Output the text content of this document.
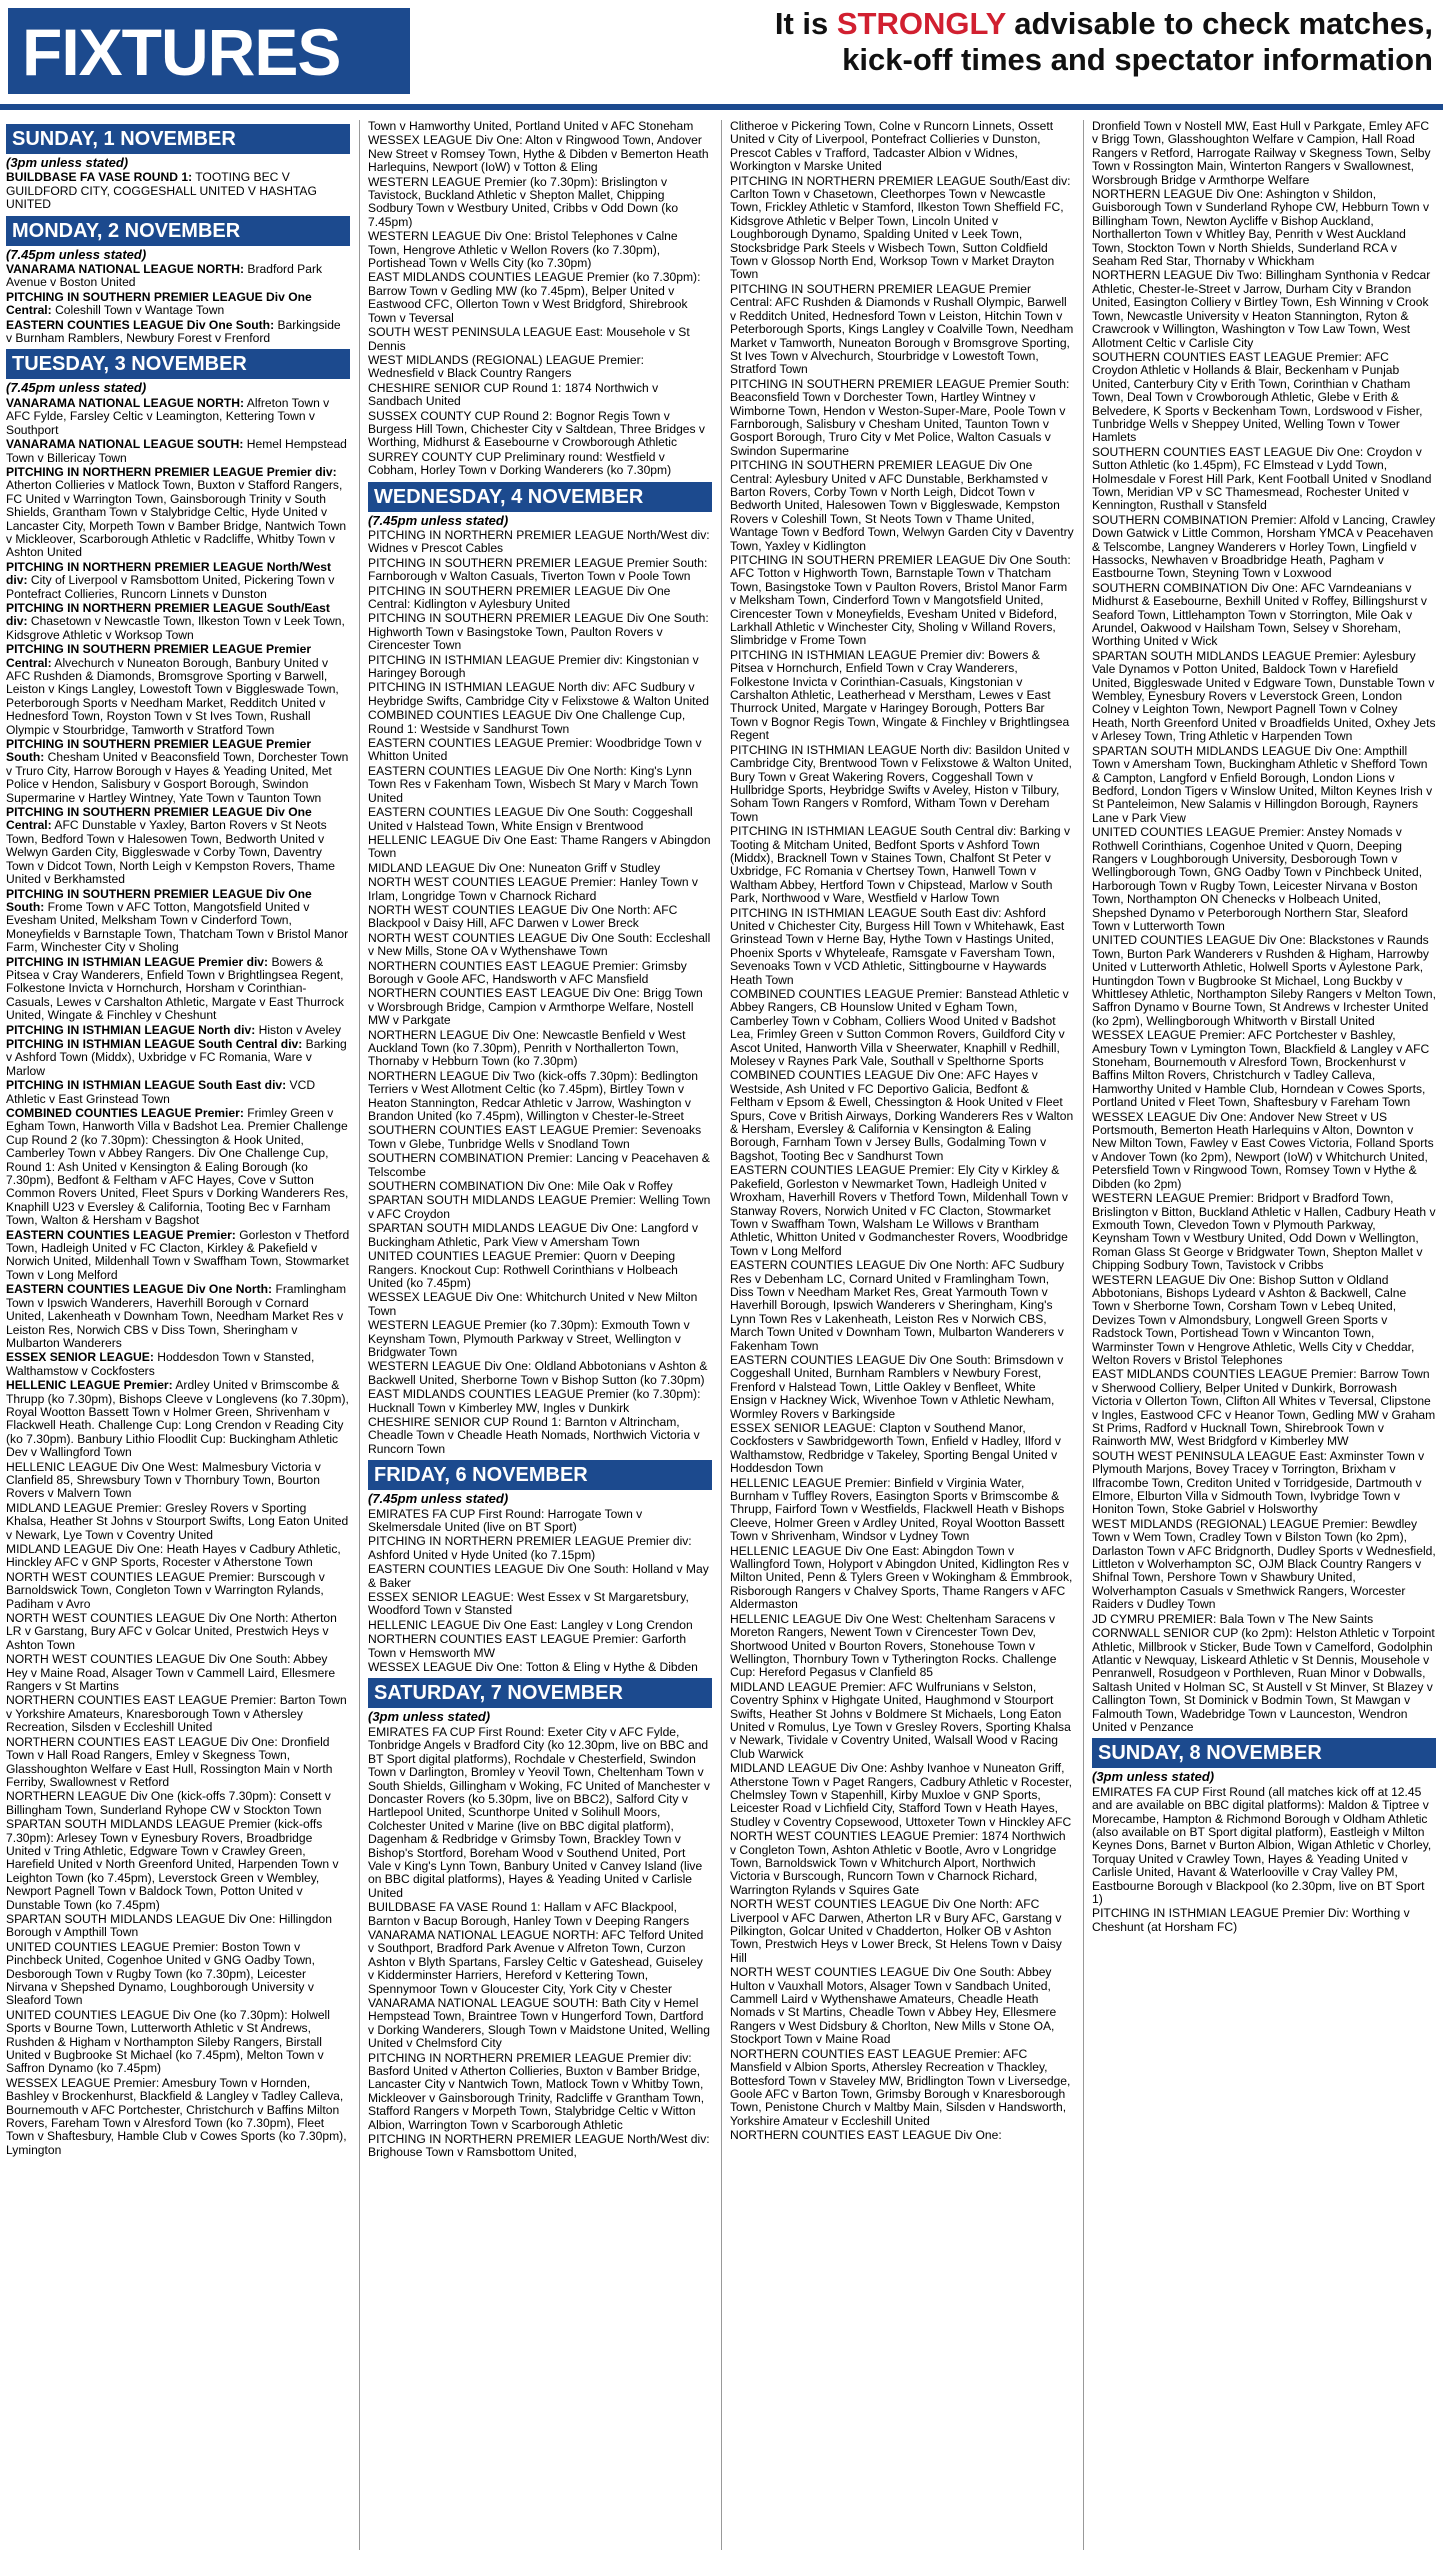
FIXTURES	It is STRONGLY advisable to check matches,
kick-off times and spectator information
SUNDAY, 1 NOVEMBER
(3pm unless stated)
BUILDBASE FA VASE ROUND 1: TOOTING BEC V GUILDFORD CITY, COGGESHALL UNITED V HASHTAG UNITED
MONDAY, 2 NOVEMBER
(7.45pm unless stated)
VANARAMA NATIONAL LEAGUE NORTH: Bradford Park Avenue v Boston United
PITCHING IN SOUTHERN PREMIER LEAGUE Div One Central: Coleshill Town v Wantage Town
EASTERN COUNTIES LEAGUE Div One South: Barkingside v Burnham Ramblers, Newbury Forest v Frenford
TUESDAY, 3 NOVEMBER
(7.45pm unless stated)
VANARAMA NATIONAL LEAGUE NORTH: Alfreton Town v AFC Fylde, Farsley Celtic v Leamington, Kettering Town v Southport
VANARAMA NATIONAL LEAGUE SOUTH: Hemel Hempstead Town v Billericay Town
PITCHING IN NORTHERN PREMIER LEAGUE Premier div: Atherton Collieries v Matlock Town, Buxton v Stafford Rangers, FC United v Warrington Town, Gainsborough Trinity v South Shields, Grantham Town v Stalybridge Celtic, Hyde United v Lancaster City, Morpeth Town v Bamber Bridge, Nantwich Town v Mickleover, Scarborough Athletic v Radcliffe, Whitby Town v Ashton United
PITCHING IN NORTHERN PREMIER LEAGUE North/West div: City of Liverpool v Ramsbottom United, Pickering Town v Pontefract Collieries, Runcorn Linnets v Dunston
PITCHING IN NORTHERN PREMIER LEAGUE South/East div: Chasetown v Newcastle Town, Ilkeston Town v Leek Town, Kidsgrove Athletic v Worksop Town
PITCHING IN SOUTHERN PREMIER LEAGUE Premier Central: Alvechurch v Nuneaton Borough, Banbury United v AFC Rushden & Diamonds, Bromsgrove Sporting v Barwell, Leiston v Kings Langley, Lowestoft Town v Biggleswade Town, Peterborough Sports v Needham Market, Redditch United v Hednesford Town, Royston Town v St Ives Town, Rushall Olympic v Stourbridge, Tamworth v Stratford Town
PITCHING IN SOUTHERN PREMIER LEAGUE Premier South: Chesham United v Beaconsfield Town, Dorchester Town v Truro City, Harrow Borough v Hayes & Yeading United, Met Police v Hendon, Salisbury v Gosport Borough, Swindon Supermarine v Hartley Wintney, Yate Town v Taunton Town
PITCHING IN SOUTHERN PREMIER LEAGUE Div One Central: AFC Dunstable v Yaxley, Barton Rovers v St Neots Town, Bedford Town v Halesowen Town, Bedworth United v Welwyn Garden City, Biggleswade v Corby Town, Daventry Town v Didcot Town, North Leigh v Kempston Rovers, Thame United v Berkhamsted
PITCHING IN SOUTHERN PREMIER LEAGUE Div One South: Frome Town v AFC Totton, Mangotsfield United v Evesham United, Melksham Town v Cinderford Town, Moneyfields v Barnstaple Town, Thatcham Town v Bristol Manor Farm, Winchester City v Sholing
PITCHING IN ISTHMIAN LEAGUE Premier div: Bowers & Pitsea v Cray Wanderers, Enfield Town v Brightlingsea Regent, Folkestone Invicta v Hornchurch, Horsham v Corinthian-Casuals, Lewes v Carshalton Athletic, Margate v East Thurrock United, Wingate & Finchley v Cheshunt
PITCHING IN ISTHMIAN LEAGUE North div: Histon v Aveley
PITCHING IN ISTHMIAN LEAGUE South Central div: Barking v Ashford Town (Middx), Uxbridge v FC Romania, Ware v Marlow
PITCHING IN ISTHMIAN LEAGUE South East div: VCD Athletic v East Grinstead Town
COMBINED COUNTIES LEAGUE Premier: Frimley Green v Egham Town, Hanworth Villa v Badshot Lea. Premier Challenge Cup Round 2 (ko 7.30pm): Chessington & Hook United, Camberley Town v Abbey Rangers. Div One Challenge Cup, Round 1: Ash United v Kensington & Ealing Borough (ko 7.30pm), Bedfont & Feltham v AFC Hayes, Cove v Sutton Common Rovers United, Fleet Spurs v Dorking Wanderers Res, Knaphill U23 v Eversley & California, Tooting Bec v Farnham Town, Walton & Hersham v Bagshot
EASTERN COUNTIES LEAGUE Premier: Gorleston v Thetford Town, Hadleigh United v FC Clacton, Kirkley & Pakefield v Norwich United, Mildenhall Town v Swaffham Town, Stowmarket Town v Long Melford
EASTERN COUNTIES LEAGUE Div One North: Framlingham Town v Ipswich Wanderers, Haverhill Borough v Cornard United, Lakenheath v Downham Town, Needham Market Res v Leiston Res, Norwich CBS v Diss Town, Sheringham v Mulbarton Wanderers
ESSEX SENIOR LEAGUE: Hoddesdon Town v Stansted, Walthamstow v Cockfosters
HELLENIC LEAGUE Premier: Ardley United v Brimscombe & Thrupp (ko 7.30pm), Bishops Cleeve v Longlevens (ko 7.30pm), Royal Wootton Bassett Town v Holmer Green, Shrivenham v Flackwell Heath. Challenge Cup: Long Crendon v Reading City (ko 7.30pm). Banbury Lithio Floodlit Cup: Buckingham Athletic Dev v Wallingford Town
HELLENIC LEAGUE Div One West: Malmesbury Victoria v Clanfield 85, Shrewsbury Town v Thornbury Town, Bourton Rovers v Malvern Town
MIDLAND LEAGUE Premier: Gresley Rovers v Sporting Khalsa, Heather St Johns v Stourport Swifts, Long Eaton United v Newark, Lye Town v Coventry United
MIDLAND LEAGUE Div One: Heath Hayes v Cadbury Athletic, Hinckley AFC v GNP Sports, Rocester v Atherstone Town
NORTH WEST COUNTIES LEAGUE Premier: Burscough v Barnoldswick Town, Congleton Town v Warrington Rylands, Padiham v Avro
NORTH WEST COUNTIES LEAGUE Div One North: Atherton LR v Garstang, Bury AFC v Golcar United, Prestwich Heys v Ashton Town
NORTH WEST COUNTIES LEAGUE Div One South: Abbey Hey v Maine Road, Alsager Town v Cammell Laird, Ellesmere Rangers v St Martins
NORTHERN COUNTIES EAST LEAGUE Premier: Barton Town v Yorkshire Amateurs, Knaresborough Town v Athersley Recreation, Silsden v Eccleshill United
NORTHERN COUNTIES EAST LEAGUE Div One: Dronfield Town v Hall Road Rangers, Emley v Skegness Town, Glasshoughton Welfare v East Hull, Rossington Main v North Ferriby, Swallownest v Retford
NORTHERN LEAGUE Div One (kick-offs 7.30pm): Consett v Billingham Town, Sunderland Ryhope CW v Stockton Town
SPARTAN SOUTH MIDLANDS LEAGUE Premier (kick-offs 7.30pm): Arlesey Town v Eynesbury Rovers, Broadbridge United v Tring Athletic, Edgware Town v Crawley Green, Harefield United v North Greenford United, Harpenden Town v Leighton Town (ko 7.45pm), Leverstock Green v Wembley, Newport Pagnell Town v Baldock Town, Potton United v Dunstable Town (ko 7.45pm)
SPARTAN SOUTH MIDLANDS LEAGUE Div One: Hillingdon Borough v Ampthill Town
UNITED COUNTIES LEAGUE Premier: Boston Town v Pinchbeck United, Cogenhoe United v GNG Oadby Town, Desborough Town v Rugby Town (ko 7.30pm), Leicester Nirvana v Shepshed Dynamo, Loughborough University v Sleaford Town
UNITED COUNTIES LEAGUE Div One (ko 7.30pm): Holwell Sports v Bourne Town, Lutterworth Athletic v St Andrews, Rushden & Higham v Northampton Sileby Rangers, Birstall United v Bugbrooke St Michael (ko 7.45pm), Melton Town v Saffron Dynamo (ko 7.45pm)
WESSEX LEAGUE Premier: Amesbury Town v Hornden, Bashley v Brockenhurst, Blackfield & Langley v Tadley Calleva, Bournemouth v AFC Portchester, Christchurch v Baffins Milton Rovers, Fareham Town v Alresford Town (ko 7.30pm), Fleet Town v Shaftesbury, Hamble Club v Cowes Sports (ko 7.30pm), Lymington
Town v Hamworthy United, Portland United v AFC Stoneham
WESSEX LEAGUE Div One: Alton v Ringwood Town, Andover New Street v Romsey Town, Hythe & Dibden v Bemerton Heath Harlequins, Newport (IoW) v Totton & Eling
WESTERN LEAGUE Premier (ko 7.30pm): Brislington v Tavistock, Buckland Athletic v Shepton Mallet, Chipping Sodbury Town v Westbury United, Cribbs v Odd Down (ko 7.45pm)
WESTERN LEAGUE Div One: Bristol Telephones v Calne Town, Hengrove Athletic v Wellon Rovers (ko 7.30pm), Portishead Town v Wells City (ko 7.30pm)
EAST MIDLANDS COUNTIES LEAGUE Premier (ko 7.30pm): Barrow Town v Gedling MW (ko 7.45pm), Belper United v Eastwood CFC, Ollerton Town v West Bridgford, Shirebrook Town v Teversal
SOUTH WEST PENINSULA LEAGUE East: Mousehole v St Dennis
WEST MIDLANDS (REGIONAL) LEAGUE Premier: Wednesfield v Black Country Rangers
CHESHIRE SENIOR CUP Round 1: 1874 Northwich v Sandbach United
SUSSEX COUNTY CUP Round 2: Bognor Regis Town v Burgess Hill Town, Chichester City v Saltdean, Three Bridges v Worthing, Midhurst & Easebourne v Crowborough Athletic
SURREY COUNTY CUP Preliminary round: Westfield v Cobham, Horley Town v Dorking Wanderers (ko 7.30pm)
WEDNESDAY, 4 NOVEMBER
(7.45pm unless stated)
PITCHING IN NORTHERN PREMIER LEAGUE North/West div: Widnes v Prescot Cables
PITCHING IN SOUTHERN PREMIER LEAGUE Premier South: Farnborough v Walton Casuals, Tiverton Town v Poole Town
PITCHING IN SOUTHERN PREMIER LEAGUE Div One Central: Kidlington v Aylesbury United
PITCHING IN SOUTHERN PREMIER LEAGUE Div One South: Highworth Town v Basingstoke Town, Paulton Rovers v Cirencester Town
PITCHING IN ISTHMIAN LEAGUE Premier div: Kingstonian v Haringey Borough
PITCHING IN ISTHMIAN LEAGUE North div: AFC Sudbury v Heybridge Swifts, Cambridge City v Felixstowe & Walton United
COMBINED COUNTIES LEAGUE Div One Challenge Cup, Round 1: Westside v Sandhurst Town
EASTERN COUNTIES LEAGUE Premier: Woodbridge Town v Whitton United
EASTERN COUNTIES LEAGUE Div One North: King's Lynn Town Res v Fakenham Town, Wisbech St Mary v March Town United
EASTERN COUNTIES LEAGUE Div One South: Coggeshall United v Halstead Town, White Ensign v Brentwood
HELLENIC LEAGUE Div One East: Thame Rangers v Abingdon Town
MIDLAND LEAGUE Div One: Nuneaton Griff v Studley
NORTH WEST COUNTIES LEAGUE Premier: Hanley Town v Irlam, Longridge Town v Charnock Richard
NORTH WEST COUNTIES LEAGUE Div One North: AFC Blackpool v Daisy Hill, AFC Darwen v Lower Breck
NORTH WEST COUNTIES LEAGUE Div One South: Eccleshall v New Mills, Stone OA v Wythenshawe Town
NORTHERN COUNTIES EAST LEAGUE Premier: Grimsby Borough v Goole AFC, Handsworth v AFC Mansfield
NORTHERN COUNTIES EAST LEAGUE Div One: Brigg Town v Worsbrough Bridge, Campion v Armthorpe Welfare, Nostell MW v Parkgate
NORTHERN LEAGUE Div One: Newcastle Benfield v West Auckland Town (ko 7.30pm), Penrith v Northallerton Town, Thornaby v Hebburn Town (ko 7.30pm)
NORTHERN LEAGUE Div Two (kick-offs 7.30pm): Bedlington Terriers v West Allotment Celtic (ko 7.45pm), Birtley Town v Heaton Stannington, Redcar Athletic v Jarrow, Washington v Brandon United (ko 7.45pm), Willington v Chester-le-Street
SOUTHERN COUNTIES EAST LEAGUE Premier: Sevenoaks Town v Glebe, Tunbridge Wells v Snodland Town
SOUTHERN COMBINATION Premier: Lancing v Peacehaven & Telscombe
SOUTHERN COMBINATION Div One: Mile Oak v Roffey
SPARTAN SOUTH MIDLANDS LEAGUE Premier: Welling Town v AFC Croydon
SPARTAN SOUTH MIDLANDS LEAGUE Div One: Langford v Buckingham Athletic, Park View v Amersham Town
UNITED COUNTIES LEAGUE Premier: Quorn v Deeping Rangers. Knockout Cup: Rothwell Corinthians v Holbeach United (ko 7.45pm)
WESSEX LEAGUE Div One: Whitchurch United v New Milton Town
WESTERN LEAGUE Premier (ko 7.30pm): Exmouth Town v Keynsham Town, Plymouth Parkway v Street, Wellington v Bridgwater Town
WESTERN LEAGUE Div One: Oldland Abbotonians v Ashton & Backwell United, Sherborne Town v Bishop Sutton (ko 7.30pm)
EAST MIDLANDS COUNTIES LEAGUE Premier (ko 7.30pm): Hucknall Town v Kimberley MW, Ingles v Dunkirk
CHESHIRE SENIOR CUP Round 1: Barnton v Altrincham, Cheadle Town v Cheadle Heath Nomads, Northwich Victoria v Runcorn Town
FRIDAY, 6 NOVEMBER
(7.45pm unless stated)
EMIRATES FA CUP First Round: Harrogate Town v Skelmersdale United (live on BT Sport)
PITCHING IN NORTHERN PREMIER LEAGUE Premier div: Ashford United v Hyde United (ko 7.15pm)
EASTERN COUNTIES LEAGUE Div One South: Holland v May & Baker
ESSEX SENIOR LEAGUE: West Essex v St Margaretsbury, Woodford Town v Stansted
HELLENIC LEAGUE Div One East: Langley v Long Crendon
NORTHERN COUNTIES EAST LEAGUE Premier: Garforth Town v Hemsworth MW
WESSEX LEAGUE Div One: Totton & Eling v Hythe & Dibden
SATURDAY, 7 NOVEMBER
(3pm unless stated)
EMIRATES FA CUP First Round: Exeter City v AFC Fylde, Tonbridge Angels v Bradford City (ko 12.30pm, live on BBC and BT Sport digital platforms), Rochdale v Chesterfield, Swindon Town v Darlington, Bromley v Yeovil Town, Cheltenham Town v South Shields, Gillingham v Woking, FC United of Manchester v Doncaster Rovers (ko 5.30pm, live on BBC2), Salford City v Hartlepool United, Scunthorpe United v Solihull Moors, Colchester United v Marine (live on BBC digital platform), Dagenham & Redbridge v Grimsby Town, Brackley Town v Bishop's Stortford, Boreham Wood v Southend United, Port Vale v King's Lynn Town, Banbury United v Canvey Island (live on BBC digital platforms), Hayes & Yeading United v Carlisle United
BUILDBASE FA VASE Round 1: Hallam v AFC Blackpool, Barnton v Bacup Borough, Hanley Town v Deeping Rangers
VANARAMA NATIONAL LEAGUE NORTH: AFC Telford United v Southport, Bradford Park Avenue v Alfreton Town, Curzon Ashton v Blyth Spartans, Farsley Celtic v Gateshead, Guiseley v Kidderminster Harriers, Hereford v Kettering Town, Spennymoor Town v Gloucester City, York City v Chester
VANARAMA NATIONAL LEAGUE SOUTH: Bath City v Hemel Hempstead Town, Braintree Town v Hungerford Town, Dartford v Dorking Wanderers, Slough Town v Maidstone United, Welling United v Chelmsford City
PITCHING IN NORTHERN PREMIER LEAGUE Premier div: Basford United v Atherton Collieries, Buxton v Bamber Bridge, Lancaster City v Nantwich Town, Matlock Town v Whitby Town, Mickleover v Gainsborough Trinity, Radcliffe v Grantham Town, Stafford Rangers v Morpeth Town, Stalybridge Celtic v Witton Albion, Warrington Town v Scarborough Athletic
PITCHING IN NORTHERN PREMIER LEAGUE North/West div: Brighouse Town v Ramsbottom United,
Clitheroe v Pickering Town, Colne v Runcorn Linnets, Ossett United v City of Liverpool, Pontefract Collieries v Dunston, Prescot Cables v Trafford, Tadcaster Albion v Widnes, Workington v Marske United
PITCHING IN NORTHERN PREMIER LEAGUE South/East div: Carlton Town v Chasetown, Cleethorpes Town v Newcastle Town, Frickley Athletic v Stamford, Ilkeston Town Sheffield FC, Kidsgrove Athletic v Belper Town, Lincoln United v Loughborough Dynamo, Spalding United v Leek Town, Stocksbridge Park Steels v Wisbech Town, Sutton Coldfield Town v Glossop North End, Worksop Town v Market Drayton Town
PITCHING IN SOUTHERN PREMIER LEAGUE Premier Central: AFC Rushden & Diamonds v Rushall Olympic, Barwell v Redditch United, Hednesford Town v Leiston, Hitchin Town v Peterborough Sports, Kings Langley v Coalville Town, Needham Market v Tamworth, Nuneaton Borough v Bromsgrove Sporting, St Ives Town v Alvechurch, Stourbridge v Lowestoft Town, Stratford Town
PITCHING IN SOUTHERN PREMIER LEAGUE Premier South: Beaconsfield Town v Dorchester Town, Hartley Wintney v Wimborne Town, Hendon v Weston-Super-Mare, Poole Town v Farnborough, Salisbury v Chesham United, Taunton Town v Gosport Borough, Truro City v Met Police, Walton Casuals v Swindon Supermarine
PITCHING IN SOUTHERN PREMIER LEAGUE Div One Central: Aylesbury United v AFC Dunstable, Berkhamsted v Barton Rovers, Corby Town v North Leigh, Didcot Town v Bedworth United, Halesowen Town v Biggleswade, Kempston Rovers v Coleshill Town, St Neots Town v Thame United, Wantage Town v Bedford Town, Welwyn Garden City v Daventry Town, Yaxley v Kidlington
PITCHING IN SOUTHERN PREMIER LEAGUE Div One South: AFC Totton v Highworth Town, Barnstaple Town v Thatcham Town, Basingstoke Town v Paulton Rovers, Bristol Manor Farm v Melksham Town, Cinderford Town v Mangotsfield United, Cirencester Town v Moneyfields, Evesham United v Bideford, Larkhall Athletic v Winchester City, Sholing v Willand Rovers, Slimbridge v Frome Town
PITCHING IN ISTHMIAN LEAGUE Premier div: Bowers & Pitsea v Hornchurch, Enfield Town v Cray Wanderers, Folkestone Invicta v Corinthian-Casuals, Kingstonian v Carshalton Athletic, Leatherhead v Merstham, Lewes v East Thurrock United, Margate v Haringey Borough, Potters Bar Town v Bognor Regis Town, Wingate & Finchley v Brightlingsea Regent
PITCHING IN ISTHMIAN LEAGUE North div: Basildon United v Cambridge City, Brentwood Town v Felixstowe & Walton United, Bury Town v Great Wakering Rovers, Coggeshall Town v Hullbridge Sports, Heybridge Swifts v Aveley, Histon v Tilbury, Soham Town Rangers v Romford, Witham Town v Dereham Town
PITCHING IN ISTHMIAN LEAGUE South Central div: Barking v Tooting & Mitcham United, Bedfont Sports v Ashford Town (Middx), Bracknell Town v Staines Town, Chalfont St Peter v Uxbridge, FC Romania v Chertsey Town, Hanwell Town v Waltham Abbey, Hertford Town v Chipstead, Marlow v South Park, Northwood v Ware, Westfield v Harlow Town
PITCHING IN ISTHMIAN LEAGUE South East div: Ashford United v Chichester City, Burgess Hill Town v Whitehawk, East Grinstead Town v Herne Bay, Hythe Town v Hastings United, Phoenix Sports v Whyteleafe, Ramsgate v Faversham Town, Sevenoaks Town v VCD Athletic, Sittingbourne v Haywards Heath Town
COMBINED COUNTIES LEAGUE Premier: Banstead Athletic v Abbey Rangers, CB Hounslow United v Egham Town, Camberley Town v Cobham, Colliers Wood United v Badshot Lea, Frimley Green v Sutton Common Rovers, Guildford City v Ascot United, Hanworth Villa v Sheerwater, Knaphill v Redhill, Molesey v Raynes Park Vale, Southall v Spelthorne Sports
COMBINED COUNTIES LEAGUE Div One: AFC Hayes v Westside, Ash United v FC Deportivo Galicia, Bedfont & Feltham v Epsom & Ewell, Chessington & Hook United v Fleet Spurs, Cove v British Airways, Dorking Wanderers Res v Walton & Hersham, Eversley & California v Kensington & Ealing Borough, Farnham Town v Jersey Bulls, Godalming Town v Bagshot, Tooting Bec v Sandhurst Town
EASTERN COUNTIES LEAGUE Premier: Ely City v Kirkley & Pakefield, Gorleston v Newmarket Town, Hadleigh United v Wroxham, Haverhill Rovers v Thetford Town, Mildenhall Town v Stanway Rovers, Norwich United v FC Clacton, Stowmarket Town v Swaffham Town, Walsham Le Willows v Brantham Athletic, Whitton United v Godmanchester Rovers, Woodbridge Town v Long Melford
EASTERN COUNTIES LEAGUE Div One North: AFC Sudbury Res v Debenham LC, Cornard United v Framlingham Town, Diss Town v Needham Market Res, Great Yarmouth Town v Haverhill Borough, Ipswich Wanderers v Sheringham, King's Lynn Town Res v Lakenheath, Leiston Res v Norwich CBS, March Town United v Downham Town, Mulbarton Wanderers v Fakenham Town
EASTERN COUNTIES LEAGUE Div One South: Brimsdown v Coggeshall United, Burnham Ramblers v Newbury Forest, Frenford v Halstead Town, Little Oakley v Benfleet, White Ensign v Hackney Wick, Wivenhoe Town v Athletic Newham, Wormley Rovers v Barkingside
ESSEX SENIOR LEAGUE: Clapton v Southend Manor, Cockfosters v Sawbridgeworth Town, Enfield v Hadley, Ilford v Walthamstow, Redbridge v Takeley, Sporting Bengal United v Hoddesdon Town
HELLENIC LEAGUE Premier: Binfield v Virginia Water, Burnham v Tuffley Rovers, Easington Sports v Brimscombe & Thrupp, Fairford Town v Westfields, Flackwell Heath v Bishops Cleeve, Holmer Green v Ardley United, Royal Wootton Bassett Town v Shrivenham, Windsor v Lydney Town
HELLENIC LEAGUE Div One East: Abingdon Town v Wallingford Town, Holyport v Abingdon United, Kidlington Res v Milton United, Penn & Tylers Green v Wokingham & Emmbrook, Risborough Rangers v Chalvey Sports, Thame Rangers v AFC Aldermaston
HELLENIC LEAGUE Div One West: Cheltenham Saracens v Moreton Rangers, Newent Town v Cirencester Town Dev, Shortwood United v Bourton Rovers, Stonehouse Town v Wellington, Thornbury Town v Tytherington Rocks. Challenge Cup: Hereford Pegasus v Clanfield 85
MIDLAND LEAGUE Premier: AFC Wulfrunians v Selston, Coventry Sphinx v Highgate United, Haughmond v Stourport Swifts, Heather St Johns v Boldmere St Michaels, Long Eaton United v Romulus, Lye Town v Gresley Rovers, Sporting Khalsa v Newark, Tividale v Coventry United, Walsall Wood v Racing Club Warwick
MIDLAND LEAGUE Div One: Ashby Ivanhoe v Nuneaton Griff, Atherstone Town v Paget Rangers, Cadbury Athletic v Rocester, Chelmsley Town v Stapenhill, Kirby Muxloe v GNP Sports, Leicester Road v Lichfield City, Stafford Town v Heath Hayes, Studley v Coventry Copsewood, Uttoxeter Town v Hinckley AFC
NORTH WEST COUNTIES LEAGUE Premier: 1874 Northwich v Congleton Town, Ashton Athletic v Bootle, Avro v Longridge Town, Barnoldswick Town v Whitchurch Alport, Northwich Victoria v Burscough, Runcorn Town v Charnock Richard, Warrington Rylands v Squires Gate
NORTH WEST COUNTIES LEAGUE Div One North: AFC Liverpool v AFC Darwen, Atherton LR v Bury AFC, Garstang v Pilkington, Golcar United v Chadderton, Holker OB v Ashton Town, Prestwich Heys v Lower Breck, St Helens Town v Daisy Hill
NORTH WEST COUNTIES LEAGUE Div One South: Abbey Hulton v Vauxhall Motors, Alsager Town v Sandbach United, Cammell Laird v Wythenshawe Amateurs, Cheadle Heath Nomads v St Martins, Cheadle Town v Abbey Hey, Ellesmere Rangers v West Didsbury & Chorlton, New Mills v Stone OA, Stockport Town v Maine Road
NORTHERN COUNTIES EAST LEAGUE Premier: AFC Mansfield v Albion Sports, Athersley Recreation v Thackley, Bottesford Town v Staveley MW, Bridlington Town v Liversedge, Goole AFC v Barton Town, Grimsby Borough v Knaresborough Town, Penistone Church v Maltby Main, Silsden v Handsworth, Yorkshire Amateur v Eccleshill United
NORTHERN COUNTIES EAST LEAGUE Div One:
Dronfield Town v Nostell MW, East Hull v Parkgate, Emley AFC v Brigg Town, Glasshoughton Welfare v Campion, Hall Road Rangers v Retford, Harrogate Railway v Skegness Town, Selby Town v Rossington Main, Winterton Rangers v Swallownest, Worsbrough Bridge v Armthorpe Welfare
NORTHERN LEAGUE Div One: Ashington v Shildon, Guisborough Town v Sunderland Ryhope CW, Hebburn Town v Billingham Town, Newton Aycliffe v Bishop Auckland, Northallerton Town v Whitley Bay, Penrith v West Auckland Town, Stockton Town v North Shields, Sunderland RCA v Seaham Red Star, Thornaby v Whickham
NORTHERN LEAGUE Div Two: Billingham Synthonia v Redcar Athletic, Chester-le-Street v Jarrow, Durham City v Brandon United, Easington Colliery v Birtley Town, Esh Winning v Crook Town, Newcastle University v Heaton Stannington, Ryton & Crawcrook v Willington, Washington v Tow Law Town, West Allotment Celtic v Carlisle City
SOUTHERN COUNTIES EAST LEAGUE Premier: AFC Croydon Athletic v Hollands & Blair, Beckenham v Punjab United, Canterbury City v Erith Town, Corinthian v Chatham Town, Deal Town v Crowborough Athletic, Glebe v Erith & Belvedere, K Sports v Beckenham Town, Lordswood v Fisher, Tunbridge Wells v Sheppey United, Welling Town v Tower Hamlets
SOUTHERN COUNTIES EAST LEAGUE Div One: Croydon v Sutton Athletic (ko 1.45pm), FC Elmstead v Lydd Town, Holmesdale v Forest Hill Park, Kent Football United v Snodland Town, Meridian VP v SC Thamesmead, Rochester United v Kennington, Rusthall v Stansfeld
SOUTHERN COMBINATION Premier: Alfold v Lancing, Crawley Down Gatwick v Little Common, Horsham YMCA v Peacehaven & Telscombe, Langney Wanderers v Horley Town, Lingfield v Hassocks, Newhaven v Broadbridge Heath, Pagham v Eastbourne Town, Steyning Town v Loxwood
SOUTHERN COMBINATION Div One: AFC Varndeanians v Midhurst & Easebourne, Bexhill United v Roffey, Billingshurst v Seaford Town, Littlehampton Town v Storrington, Mile Oak v Arundel, Oakwood v Hailsham Town, Selsey v Shoreham, Worthing United v Wick
SPARTAN SOUTH MIDLANDS LEAGUE Premier: Aylesbury Vale Dynamos v Potton United, Baldock Town v Harefield United, Biggleswade United v Edgware Town, Dunstable Town v Wembley, Eynesbury Rovers v Leverstock Green, London Colney v Leighton Town, Newport Pagnell Town v Colney Heath, North Greenford United v Broadfields United, Oxhey Jets v Arlesey Town, Tring Athletic v Harpenden Town
SPARTAN SOUTH MIDLANDS LEAGUE Div One: Ampthill Town v Amersham Town, Buckingham Athletic v Shefford Town & Campton, Langford v Enfield Borough, London Lions v Bedford, London Tigers v Winslow United, Milton Keynes Irish v St Panteleimon, New Salamis v Hillingdon Borough, Rayners Lane v Park View
UNITED COUNTIES LEAGUE Premier: Anstey Nomads v Rothwell Corinthians, Cogenhoe United v Quorn, Deeping Rangers v Loughborough University, Desborough Town v Wellingborough Town, GNG Oadby Town v Pinchbeck United, Harborough Town v Rugby Town, Leicester Nirvana v Boston Town, Northampton ON Chenecks v Holbeach United, Shepshed Dynamo v Peterborough Northern Star, Sleaford Town v Lutterworth Town
UNITED COUNTIES LEAGUE Div One: Blackstones v Raunds Town, Burton Park Wanderers v Rushden & Higham, Harrowby United v Lutterworth Athletic, Holwell Sports v Aylestone Park, Huntingdon Town v Bugbrooke St Michael, Long Buckby v Whittlesey Athletic, Northampton Sileby Rangers v Melton Town, Saffron Dynamo v Bourne Town, St Andrews v Irchester United (ko 2pm), Wellingborough Whitworth v Birstall United
WESSEX LEAGUE Premier: AFC Portchester v Bashley, Amesbury Town v Lymington Town, Blackfield & Langley v AFC Stoneham, Bournemouth v Alresford Town, Brockenhurst v Baffins Milton Rovers, Christchurch v Tadley Calleva, Hamworthy United v Hamble Club, Horndean v Cowes Sports, Portland United v Fleet Town, Shaftesbury v Fareham Town
WESSEX LEAGUE Div One: Andover New Street v US Portsmouth, Bemerton Heath Harlequins v Alton, Downton v New Milton Town, Fawley v East Cowes Victoria, Folland Sports v Andover Town (ko 2pm), Newport (IoW) v Whitchurch United, Petersfield Town v Ringwood Town, Romsey Town v Hythe & Dibden (ko 2pm)
WESTERN LEAGUE Premier: Bridport v Bradford Town, Brislington v Bitton, Buckland Athletic v Hallen, Cadbury Heath v Exmouth Town, Clevedon Town v Plymouth Parkway, Keynsham Town v Westbury United, Odd Down v Wellington, Roman Glass St George v Bridgwater Town, Shepton Mallet v Chipping Sodbury Town, Tavistock v Cribbs
WESTERN LEAGUE Div One: Bishop Sutton v Oldland Abbotonians, Bishops Lydeard v Ashton & Backwell, Calne Town v Sherborne Town, Corsham Town v Lebeq United, Devizes Town v Almondsbury, Longwell Green Sports v Radstock Town, Portishead Town v Wincanton Town, Warminster Town v Hengrove Athletic, Wells City v Cheddar, Welton Rovers v Bristol Telephones
EAST MIDLANDS COUNTIES LEAGUE Premier: Barrow Town v Sherwood Colliery, Belper United v Dunkirk, Borrowash Victoria v Ollerton Town, Clifton All Whites v Teversal, Clipstone v Ingles, Eastwood CFC v Heanor Town, Gedling MW v Graham St Prims, Radford v Hucknall Town, Shirebrook Town v Rainworth MW, West Bridgford v Kimberley MW
SOUTH WEST PENINSULA LEAGUE East: Axminster Town v Plymouth Marjons, Bovey Tracey v Torrington, Brixham v Ilfracombe Town, Crediton United v Torridgeside, Dartmouth v Elmore, Elburton Villa v Sidmouth Town, Ivybridge Town v Honiton Town, Stoke Gabriel v Holsworthy
WEST MIDLANDS (REGIONAL) LEAGUE Premier: Bewdley Town v Wem Town, Cradley Town v Bilston Town (ko 2pm), Darlaston Town v AFC Bridgnorth, Dudley Sports v Wednesfield, Littleton v Wolverhampton SC, OJM Black Country Rangers v Shifnal Town, Pershore Town v Shawbury United, Wolverhampton Casuals v Smethwick Rangers, Worcester Raiders v Dudley Town
JD CYMRU PREMIER: Bala Town v The New Saints
CORNWALL SENIOR CUP (ko 2pm): Helston Athletic v Torpoint Athletic, Millbrook v Sticker, Bude Town v Camelford, Godolphin Atlantic v Newquay, Liskeard Athletic v St Dennis, Mousehole v Penranwell, Rosudgeon v Porthleven, Ruan Minor v Dobwalls, Saltash United v Holman SC, St Austell v St Minver, St Blazey v Callington Town, St Dominick v Bodmin Town, St Mawgan v Falmouth Town, Wadebridge Town v Launceston, Wendron United v Penzance
SUNDAY, 8 NOVEMBER
(3pm unless stated)
EMIRATES FA CUP First Round (all matches kick off at 12.45 and are available on BBC digital platforms): Maldon & Tiptree v Morecambe, Hampton & Richmond Borough v Oldham Athletic (also available on BT Sport digital platform), Eastleigh v Milton Keynes Dons, Barnet v Burton Albion, Wigan Athletic v Chorley, Torquay United v Crawley Town, Hayes & Yeading United v Carlisle United, Havant & Waterlooville v Cray Valley PM, Eastbourne Borough v Blackpool (ko 2.30pm, live on BT Sport 1)
PITCHING IN ISTHMIAN LEAGUE Premier Div: Worthing v Cheshunt (at Horsham FC)
